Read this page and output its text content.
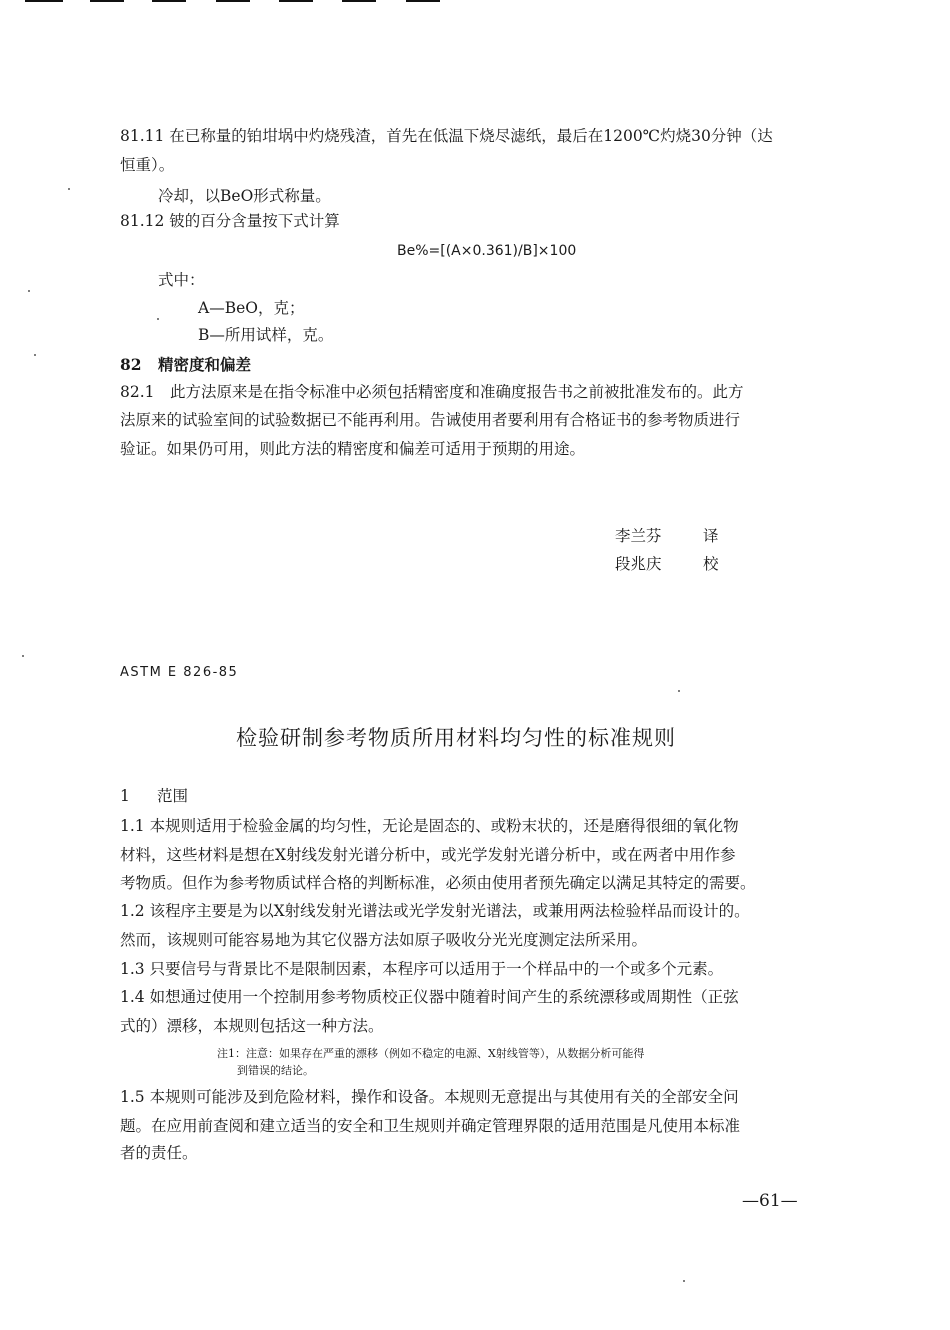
81.11 在已称量的铂坩埚中灼烧残渣，首先在低温下烧尽滤纸，最后在1200℃灼烧30分钟（达
恒重）。
冷却，以BeO形式称量。
81.12 铍的百分含量按下式计算
Be%=[(A×0.361)/B]×100
式中：
A—BeO，克；
B—所用试样，克。
82 精密度和偏差
82.1　此方法原来是在指令标准中必须包括精密度和准确度报告书之前被批准发布的。此方
法原来的试验室间的试验数据已不能再利用。告诫使用者要利用有合格证书的参考物质进行
验证。如果仍可用，则此方法的精密度和偏差可适用于预期的用途。
李兰芬	译
段兆庆	校
ASTM E 826-85
检验研制参考物质所用材料均匀性的标准规则
1 范围
1.1 本规则适用于检验金属的均匀性，无论是固态的、或粉末状的，还是磨得很细的氧化物
材料，这些材料是想在X射线发射光谱分析中，或光学发射光谱分析中，或在两者中用作参
考物质。但作为参考物质试样合格的判断标准，必须由使用者预先确定以满足其特定的需要。
1.2 该程序主要是为以X射线发射光谱法或光学发射光谱法，或兼用两法检验样品而设计的。
然而，该规则可能容易地为其它仪器方法如原子吸收分光光度测定法所采用。
1.3 只要信号与背景比不是限制因素，本程序可以适用于一个样品中的一个或多个元素。
1.4 如想通过使用一个控制用参考物质校正仪器中随着时间产生的系统漂移或周期性（正弦
式的）漂移，本规则包括这一种方法。
注1：注意：如果存在严重的漂移（例如不稳定的电源、X射线管等），从数据分析可能得
到错误的结论。
1.5 本规则可能涉及到危险材料，操作和设备。本规则无意提出与其使用有关的全部安全问
题。在应用前查阅和建立适当的安全和卫生规则并确定管理界限的适用范围是凡使用本标准
者的责任。
—61—
